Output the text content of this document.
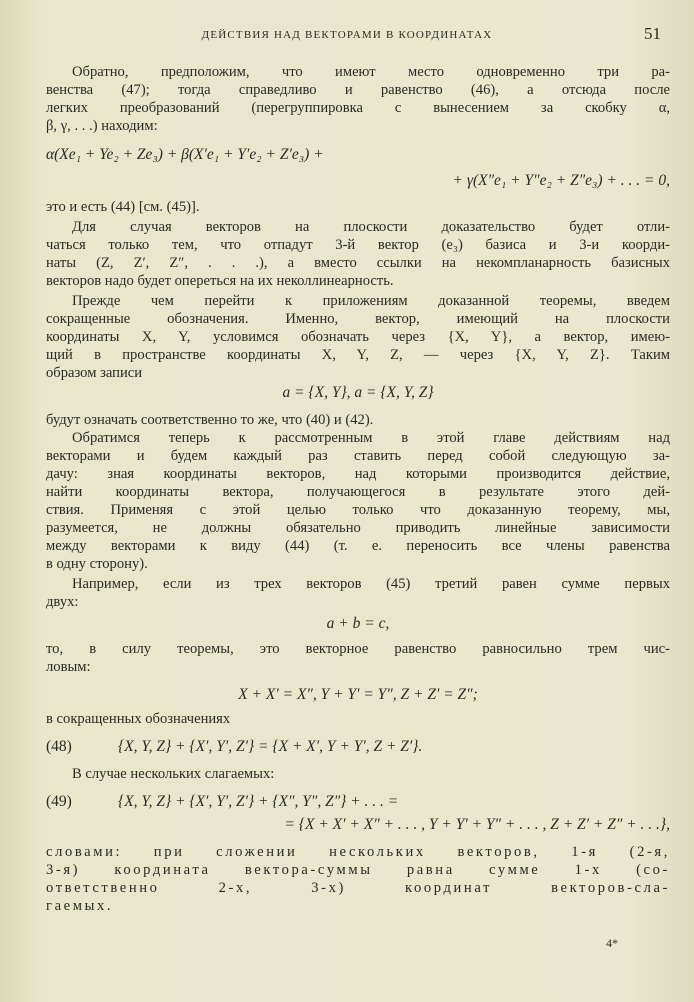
ДЕЙСТВИЯ НАД ВЕКТОРАМИ В КООРДИНАТАХ	51
Обратно, предположим, что имеют место одновременно три ра-
венства (47); тогда справедливо и равенство (46), а отсюда после
легких преобразований (перегруппировка с вынесением за скобку α,
β, γ, . . .) находим:
α(Xe₁ + Ye₂ + Ze₃) + β(X′e₁ + Y′e₂ + Z′e₃) +
+ γ(X″e₁ + Y″e₂ + Z″e₃) + . . . = 0,
это и есть (44) [см. (45)].
Для случая векторов на плоскости доказательство будет отли-
чаться только тем, что отпадут 3-й вектор (e₃) базиса и 3-и коорди-
наты (Z, Z′, Z″, . . .), а вместо ссылки на некомпланарность базисных
векторов надо будет опереться на их неколлинеарность.
Прежде чем перейти к приложениям доказанной теоремы, введем
сокращенные обозначения. Именно, вектор, имеющий на плоскости
координаты X, Y, условимся обозначать через {X, Y}, а вектор, имею-
щий в пространстве координаты X, Y, Z, — через {X, Y, Z}. Таким
образом записи
a = {X, Y}, a = {X, Y, Z}
будут означать соответственно то же, что (40) и (42).
Обратимся теперь к рассмотренным в этой главе действиям над
векторами и будем каждый раз ставить перед собой следующую за-
дачу: зная координаты векторов, над которыми производится действие,
найти координаты вектора, получающегося в результате этого дей-
ствия. Применяя с этой целью только что доказанную теорему, мы,
разумеется, не должны обязательно приводить линейные зависимости
между векторами к виду (44) (т. е. переносить все члены равенства
в одну сторону).
Например, если из трех векторов (45) третий равен сумме первых
двух:
a + b = c,
то, в силу теоремы, это векторное равенство равносильно трем чис-
ловым:
X + X′ = X″, Y + Y′ = Y″, Z + Z′ = Z″;
в сокращенных обозначениях
(48)	{X, Y, Z} + {X′, Y′, Z′} = {X + X′, Y + Y′, Z + Z′}.
В случае нескольких слагаемых:
(49)	{X, Y, Z} + {X′, Y′, Z′} + {X″, Y″, Z″} + . . . =
= {X + X′ + X″ + . . . , Y + Y′ + Y″ + . . . , Z + Z′ + Z″ + . . .},
словами: при сложении нескольких векторов, 1-я (2-я,
3-я) координата вектора-суммы равна сумме 1-х (со-
ответственно 2-х, 3-х) координат векторов-сла-
гаемых.
4*
